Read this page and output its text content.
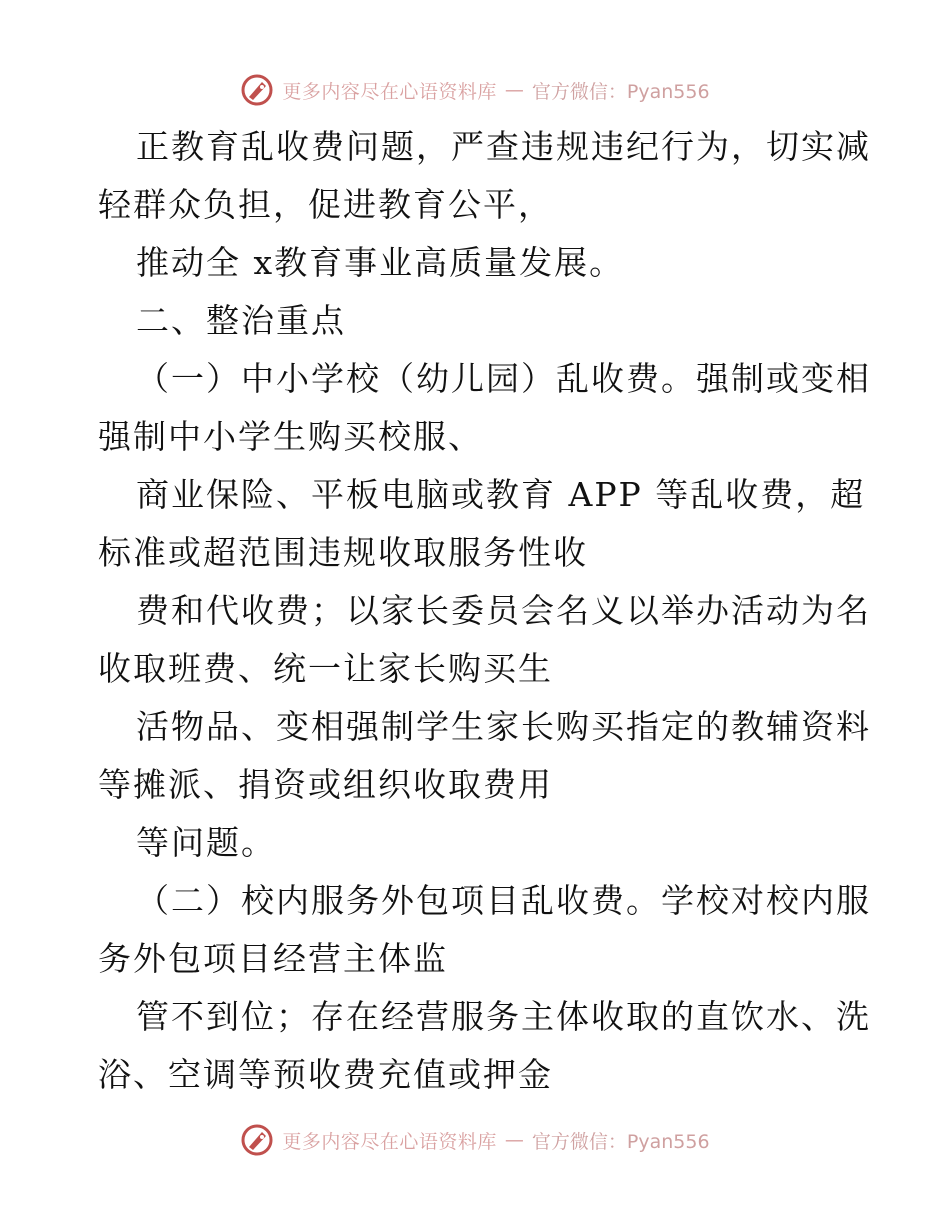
更多内容尽在心语资料库 — 官方微信：Pyan556
正教育乱收费问题，严查违规违纪行为，切实减
轻群众负担，促进教育公平，
推动全 x教育事业高质量发展。
二、整治重点
（一）中小学校（幼儿园）乱收费。强制或变相
强制中小学生购买校服、
商业保险、平板电脑或教育 APP 等乱收费，超
标准或超范围违规收取服务性收
费和代收费；以家长委员会名义以举办活动为名
收取班费、统一让家长购买生
活物品、变相强制学生家长购买指定的教辅资料
等摊派、捐资或组织收取费用
等问题。
（二）校内服务外包项目乱收费。学校对校内服
务外包项目经营主体监
管不到位；存在经营服务主体收取的直饮水、洗
浴、空调等预收费充值或押金
更多内容尽在心语资料库 — 官方微信：Pyan556
